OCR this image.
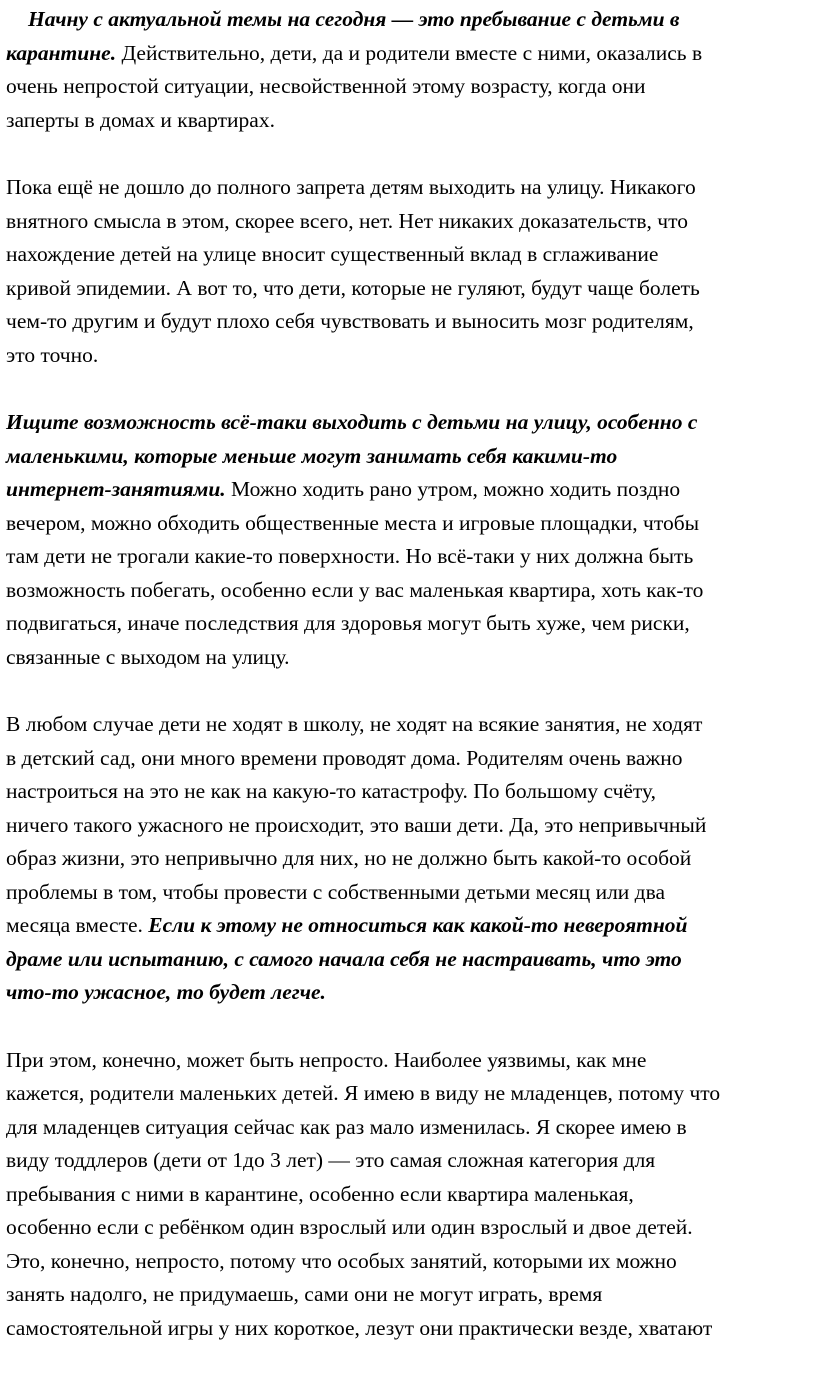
Начну с актуальной темы на сегодня — это пребывание с детьми в
карантине. Действительно, дети, да и родители вместе с ними, оказались в
очень непростой ситуации, несвойственной этому возрасту, когда они
заперты в домах и квартирах.

Пока ещё не дошло до полного запрета детям выходить на улицу. Никакого
внятного смысла в этом, скорее всего, нет. Нет никаких доказательств, что
нахождение детей на улице вносит существенный вклад в сглаживание
кривой эпидемии. А вот то, что дети, которые не гуляют, будут чаще болеть
чем-то другим и будут плохо себя чувствовать и выносить мозг родителям,
это точно.

Ищите возможность всё-таки выходить с детьми на улицу, особенно с
маленькими, которые меньше могут занимать себя какими-то
интернет-занятиями. Можно ходить рано утром, можно ходить поздно
вечером, можно обходить общественные места и игровые площадки, чтобы
там дети не трогали какие-то поверхности. Но всё-таки у них должна быть
возможность побегать, особенно если у вас маленькая квартира, хоть как-то
подвигаться, иначе последствия для здоровья могут быть хуже, чем риски,
связанные с выходом на улицу.

В любом случае дети не ходят в школу, не ходят на всякие занятия, не ходят
в детский сад, они много времени проводят дома. Родителям очень важно
настроиться на это не как на какую-то катастрофу. По большому счёту,
ничего такого ужасного не происходит, это ваши дети. Да, это непривычный
образ жизни, это непривычно для них, но не должно быть какой-то особой
проблемы в том, чтобы провести с собственными детьми месяц или два
месяца вместе. Если к этому не относиться как какой-то невероятной
драме или испытанию, с самого начала себя не настраивать, что это
что-то ужасное, то будет легче.

При этом, конечно, может быть непросто. Наиболее уязвимы, как мне
кажется, родители маленьких детей. Я имею в виду не младенцев, потому что
для младенцев ситуация сейчас как раз мало изменилась. Я скорее имею в
виду тоддлеров (дети от 1до 3 лет) — это самая сложная категория для
пребывания с ними в карантине, особенно если квартира маленькая,
особенно если с ребёнком один взрослый или один взрослый и двое детей.
Это, конечно, непросто, потому что особых занятий, которыми их можно
занять надолго, не придумаешь, сами они не могут играть, время
самостоятельной игры у них короткое, лезут они практически везде, хватают
